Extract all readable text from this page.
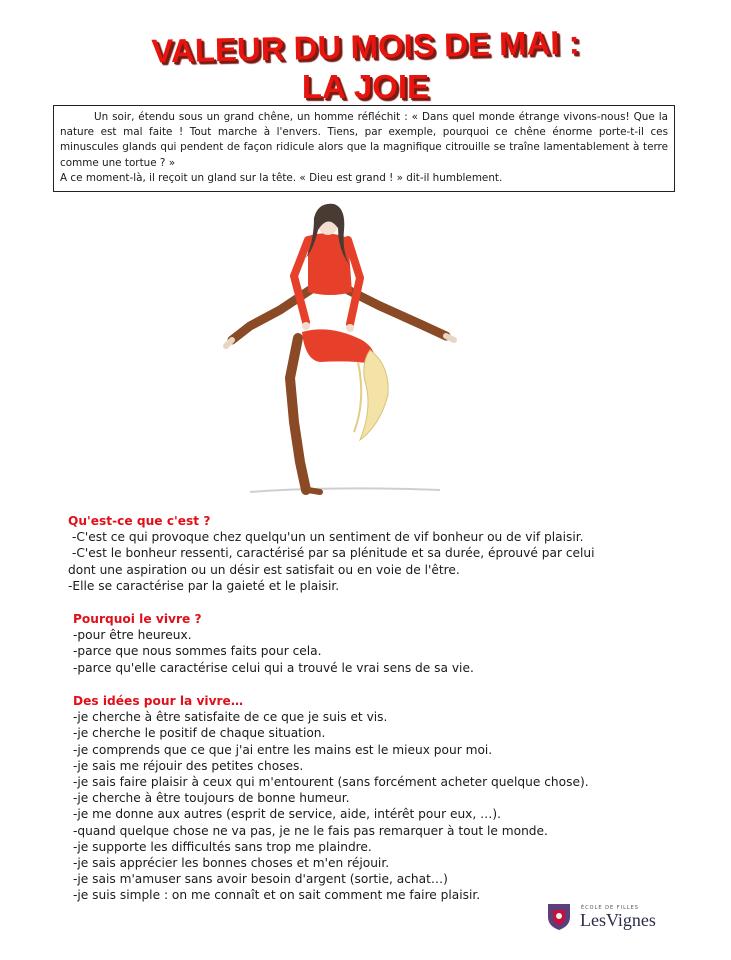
VALEUR DU MOIS DE MAI :
LA JOIE

Un soir, étendu sous un grand chêne, un homme réfléchit : « Dans quel monde étrange vivons-nous! Que la nature est mal faite ! Tout marche à l'envers. Tiens, par exemple, pourquoi ce chêne énorme porte-t-il ces minuscules glands qui pendent de façon ridicule alors que la magnifique citrouille se traîne lamentablement à terre comme une tortue ? »

A ce moment-là, il reçoit un gland sur la tête. « Dieu est grand ! » dit-il humblement.

Qu'est-ce que c'est ?
-C'est ce qui provoque chez quelqu'un un sentiment de vif bonheur ou de vif plaisir.
-C'est le bonheur ressenti, caractérisé par sa plénitude et sa durée, éprouvé par celui
dont une aspiration ou un désir est satisfait ou en voie de l'être.
-Elle se caractérise par la gaieté et le plaisir.
Pourquoi le vivre ?
-pour être heureux.
-parce que nous sommes faits pour cela.
-parce qu'elle caractérise celui qui a trouvé le vrai sens de sa vie.
Des idées pour la vivre…
-je cherche à être satisfaite de ce que je suis et vis.
-je cherche le positif de chaque situation.
-je comprends que ce que j'ai entre les mains est le mieux pour moi.
-je sais me réjouir des petites choses.
-je sais faire plaisir à ceux qui m'entourent (sans forcément acheter quelque chose).
-je cherche à être toujours de bonne humeur.
-je me donne aux autres (esprit de service, aide, intérêt pour eux, …).
-quand quelque chose ne va pas, je ne le fais pas remarquer à tout le monde.
-je supporte les difficultés sans trop me plaindre.
-je sais apprécier les bonnes choses et m'en réjouir.
-je sais m'amuser sans avoir besoin d'argent (sortie, achat…)
-je suis simple : on me connaît et on sait comment me faire plaisir.
ÉCOLE DE FILLES
LesVignes
